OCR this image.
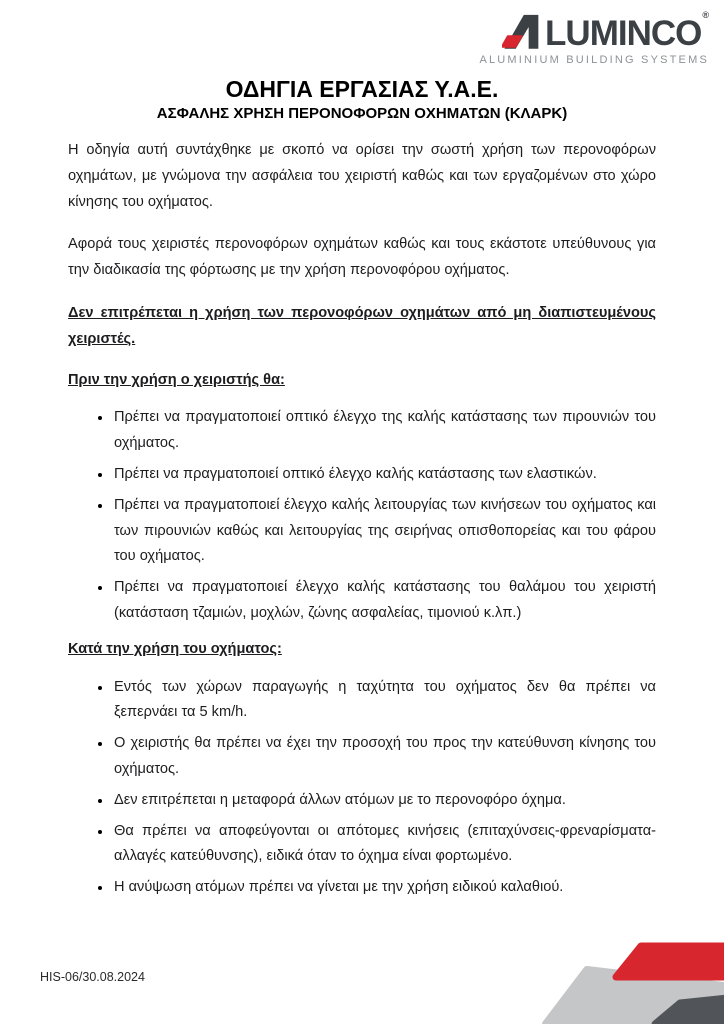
LUMINCO ®
ALUMINIUM BUILDING SYSTEMS
ΟΔΗΓΙΑ ΕΡΓΑΣΙΑΣ Υ.Α.Ε.
ΑΣΦΑΛΗΣ ΧΡΗΣΗ ΠΕΡΟΝΟΦΟΡΩΝ ΟΧΗΜΑΤΩΝ (ΚΛΑΡΚ)

Η οδηγία αυτή συντάχθηκε με σκοπό να ορίσει την σωστή χρήση των περονοφόρων οχημάτων, με γνώμονα την ασφάλεια του χειριστή καθώς και των εργαζομένων στο χώρο κίνησης του οχήματος.

Αφορά τους χειριστές περονοφόρων οχημάτων καθώς και τους εκάστοτε υπεύθυνους για την διαδικασία της φόρτωσης με την χρήση περονοφόρου οχήματος.

Δεν επιτρέπεται η χρήση των περονοφόρων οχημάτων από μη διαπιστευμένους χειριστές.

Πριν την χρήση ο χειριστής θα:
• Πρέπει να πραγματοποιεί οπτικό έλεγχο της καλής κατάστασης των πιρουνιών του οχήματος.
• Πρέπει να πραγματοποιεί οπτικό έλεγχο καλής κατάστασης των ελαστικών.
• Πρέπει να πραγματοποιεί έλεγχο καλής λειτουργίας των κινήσεων του οχήματος και των πιρουνιών καθώς και λειτουργίας της σειρήνας οπισθοπορείας και του φάρου του οχήματος.
• Πρέπει να πραγματοποιεί έλεγχο καλής κατάστασης του θαλάμου του χειριστή (κατάσταση τζαμιών, μοχλών, ζώνης ασφαλείας, τιμονιού κ.λπ.)
Κατά την χρήση του οχήματος:
• Εντός των χώρων παραγωγής η ταχύτητα του οχήματος δεν θα πρέπει να ξεπερνάει τα 5 km/h.
• Ο χειριστής θα πρέπει να έχει την προσοχή του προς την κατεύθυνση κίνησης του οχήματος.
• Δεν επιτρέπεται η μεταφορά άλλων ατόμων με το περονοφόρο όχημα.
• Θα πρέπει να αποφεύγονται οι απότομες κινήσεις (επιταχύνσεις-φρεναρίσματα-αλλαγές κατεύθυνσης), ειδικά όταν το όχημα είναι φορτωμένο.
• Η ανύψωση ατόμων πρέπει να γίνεται με την χρήση ειδικού καλαθιού.
HIS-06/30.08.2024
